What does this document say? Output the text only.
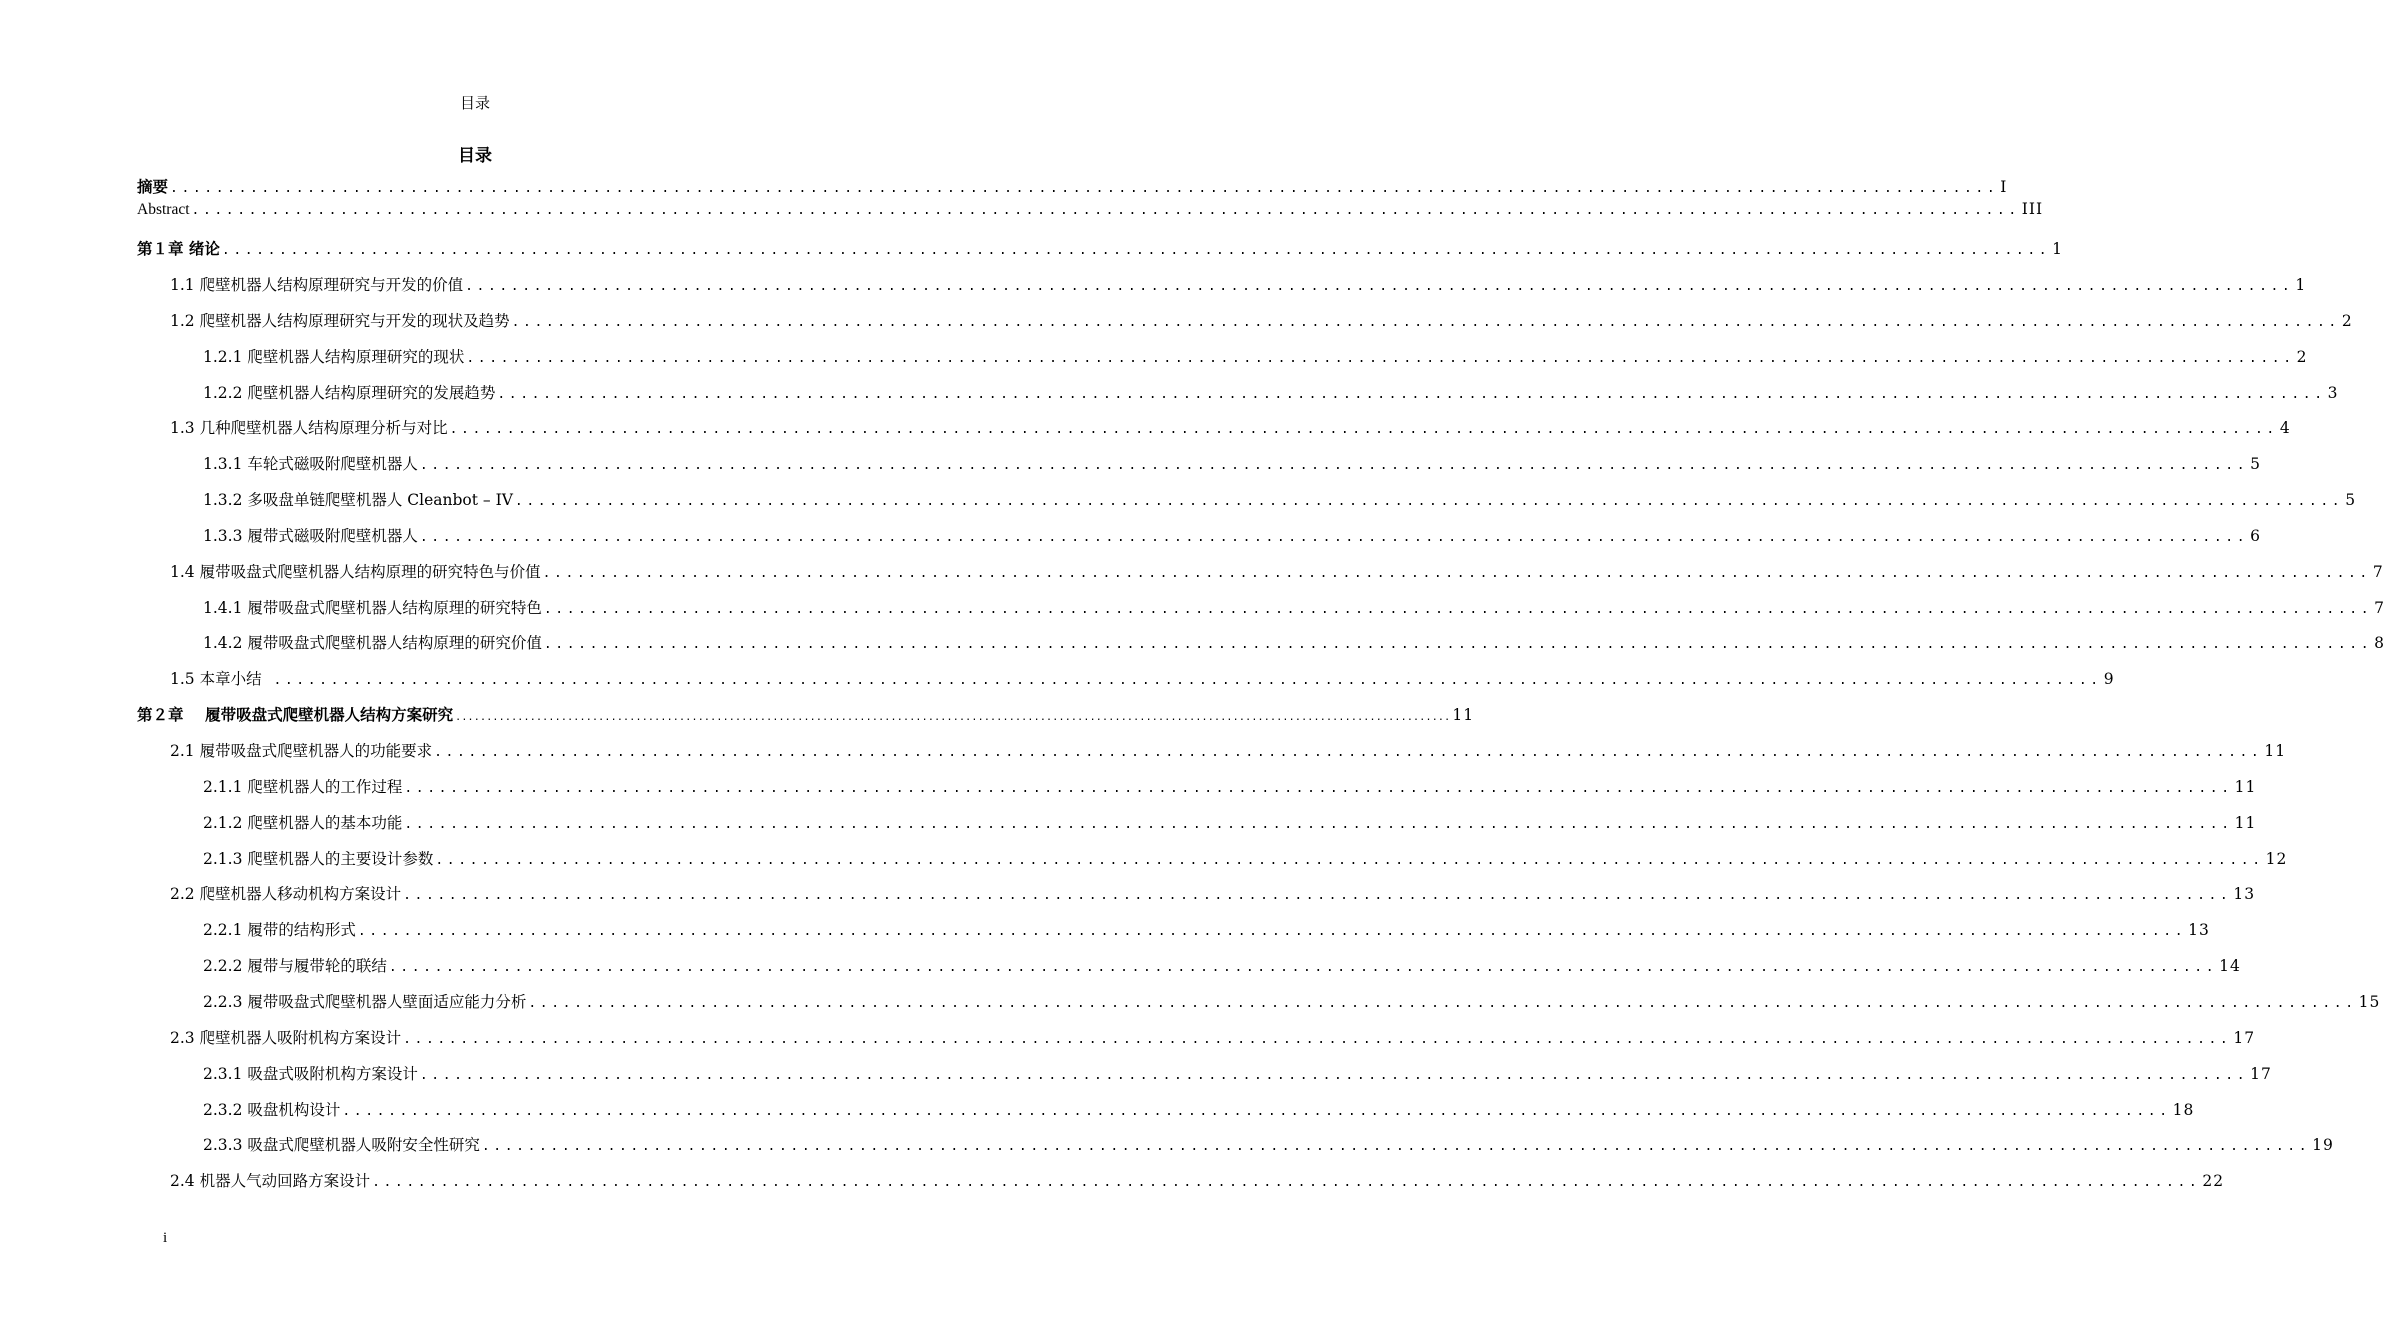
目录
目录
摘要 ................................................................................................................................................................ I
Abstract ................................................................................................................................................................ III
第１章 绪论 ................................................................................................................................................................ 1
1.1 爬壁机器人结构原理研究与开发的价值 ................................................................................................................................................................ 1
1.2 爬壁机器人结构原理研究与开发的现状及趋势 ................................................................................................................................................................ 2
1.2.1 爬壁机器人结构原理研究的现状 ................................................................................................................................................................ 2
1.2.2 爬壁机器人结构原理研究的发展趋势 ................................................................................................................................................................ 3
1.3 几种爬壁机器人结构原理分析与对比 ................................................................................................................................................................ 4
1.3.1 车轮式磁吸附爬壁机器人 ................................................................................................................................................................ 5
1.3.2 多吸盘单链爬壁机器人 Cleanbot – IV ................................................................................................................................................................ 5
1.3.3 履带式磁吸附爬壁机器人 ................................................................................................................................................................ 6
1.4 履带吸盘式爬壁机器人结构原理的研究特色与价值 ................................................................................................................................................................ 7
1.4.1 履带吸盘式爬壁机器人结构原理的研究特色 ................................................................................................................................................................ 7
1.4.2 履带吸盘式爬壁机器人结构原理的研究价值 ................................................................................................................................................................ 8
1.5 本章小结 ................................................................................................................................................................ 9
第２章    履带吸盘式爬壁机器人结构方案研究 ................................................................................................................................................................ 11
2.1 履带吸盘式爬壁机器人的功能要求 ................................................................................................................................................................ 11
2.1.1 爬壁机器人的工作过程 ................................................................................................................................................................ 11
2.1.2 爬壁机器人的基本功能 ................................................................................................................................................................ 11
2.1.3 爬壁机器人的主要设计参数 ................................................................................................................................................................ 12
2.2 爬壁机器人移动机构方案设计 ................................................................................................................................................................ 13
2.2.1 履带的结构形式 ................................................................................................................................................................ 13
2.2.2 履带与履带轮的联结 ................................................................................................................................................................ 14
2.2.3 履带吸盘式爬壁机器人壁面适应能力分析 ................................................................................................................................................................ 15
2.3 爬壁机器人吸附机构方案设计 ................................................................................................................................................................ 17
2.3.1 吸盘式吸附机构方案设计 ................................................................................................................................................................ 17
2.3.2 吸盘机构设计 ................................................................................................................................................................ 18
2.3.3 吸盘式爬壁机器人吸附安全性研究 ................................................................................................................................................................ 19
2.4 机器人气动回路方案设计 ................................................................................................................................................................ 22
i
